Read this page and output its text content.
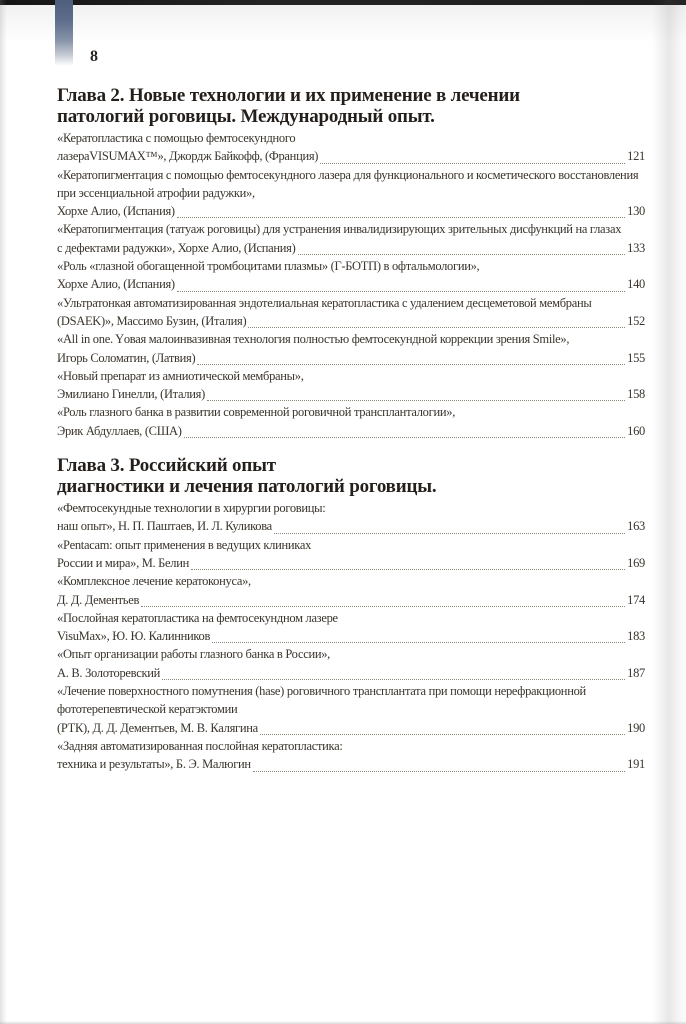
8
Глава 2. Новые технологии и их применение в лечении
патологий роговицы. Международный опыт.
«Кератопластика с помощью фемтосекундного
лазераVISUMAX™», Джордж Байкофф, (Франция)	121
«Кератопигментация с помощью фемтосекундного лазера для функционального и косметического восстановления
при эссенциальной атрофии радужки»,
Хорхе Алио, (Испания)	130
«Кератопигментация (татуаж роговицы) для устранения инвалидизирующих зрительных дисфункций на глазах
с дефектами радужки», Хорхе Алио, (Испания)	133
«Роль «глазной обогащенной тромбоцитами плазмы» (Г-БОТП) в офтальмологии»,
Хорхе Алио, (Испания)	140
«Ультратонкая автоматизированная эндотелиальная кератопластика с удалением десцеметовой мембраны
(DSAEK)», Массимо Бузин, (Италия)	152
«All in one. Yовая малоинвазивная технология полностью фемтосекундной коррекции зрения Smile»,
Игорь Соломатин, (Латвия)	155
«Новый препарат из амниотической мембраны»,
Эмилиано Гинелли, (Италия)	158
«Роль глазного банка в развитии современной роговичной транспланталогии»,
Эрик Абдуллаев, (США)	160
Глава 3. Российский опыт
диагностики и лечения патологий роговицы.
«Фемтосекундные технологии в хирургии роговицы:
наш опыт», Н. П. Паштаев, И. Л. Куликова	163
«Pentacam: опыт применения в ведущих клиниках
России и мира», М. Белин	169
«Комплексное лечение кератоконуса»,
Д. Д. Дементьев	174
«Послойная кератопластика на фемтосекундном лазере
VisuMax», Ю. Ю. Калинников	183
«Опыт организации работы глазного банка в России»,
А. В. Золоторевский	187
«Лечение поверхностного помутнения (hase) роговичного трансплантата при помощи нерефракционной
фототерепевтической кератэктомии
(РТК), Д. Д. Дементьев, М. В. Калягина	190
«Задняя автоматизированная послойная кератопластика:
техника и результаты», Б. Э. Малюгин	191
